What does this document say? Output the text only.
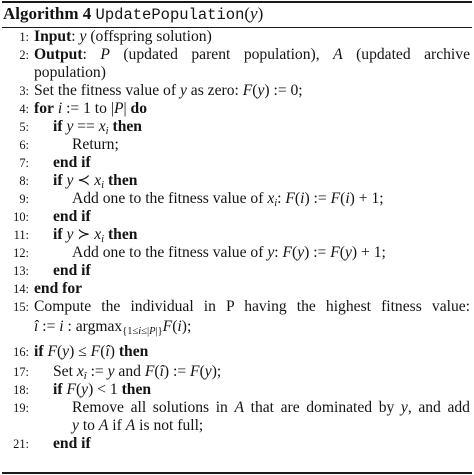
Algorithm 4 UpdatePopulation(y)
1: Input: y (offspring solution)
2: Output: P (updated parent population), A (updated archive
population)
3: Set the fitness value of y as zero: F(y) := 0;
4: for i := 1 to |P| do
5: if $y == x_i$ then
6:	Return;
7: end if
8: if y ≺ $x_i$ then
9:	Add one to the fitness value of $x_i$: F(i) := F(i) + 1;
10: end if
11: if y ≻ $x_i$ then
12:	Add one to the fitness value of y: F(y) := F(y) + 1;
13: end if
14: end for
15: Compute the individual in P having the highest fitness value:
î := i : argmax$_{\{1\le i\le|P|\}}$F(i);
16: if F(y) ≤ F(î) then
17: Set $x_î$ := y and F(î) := F(y);
18: if F(y) < 1 then
19:	Remove all solutions in A that are dominated by y, and add
y to A if A is not full;
21: end if
